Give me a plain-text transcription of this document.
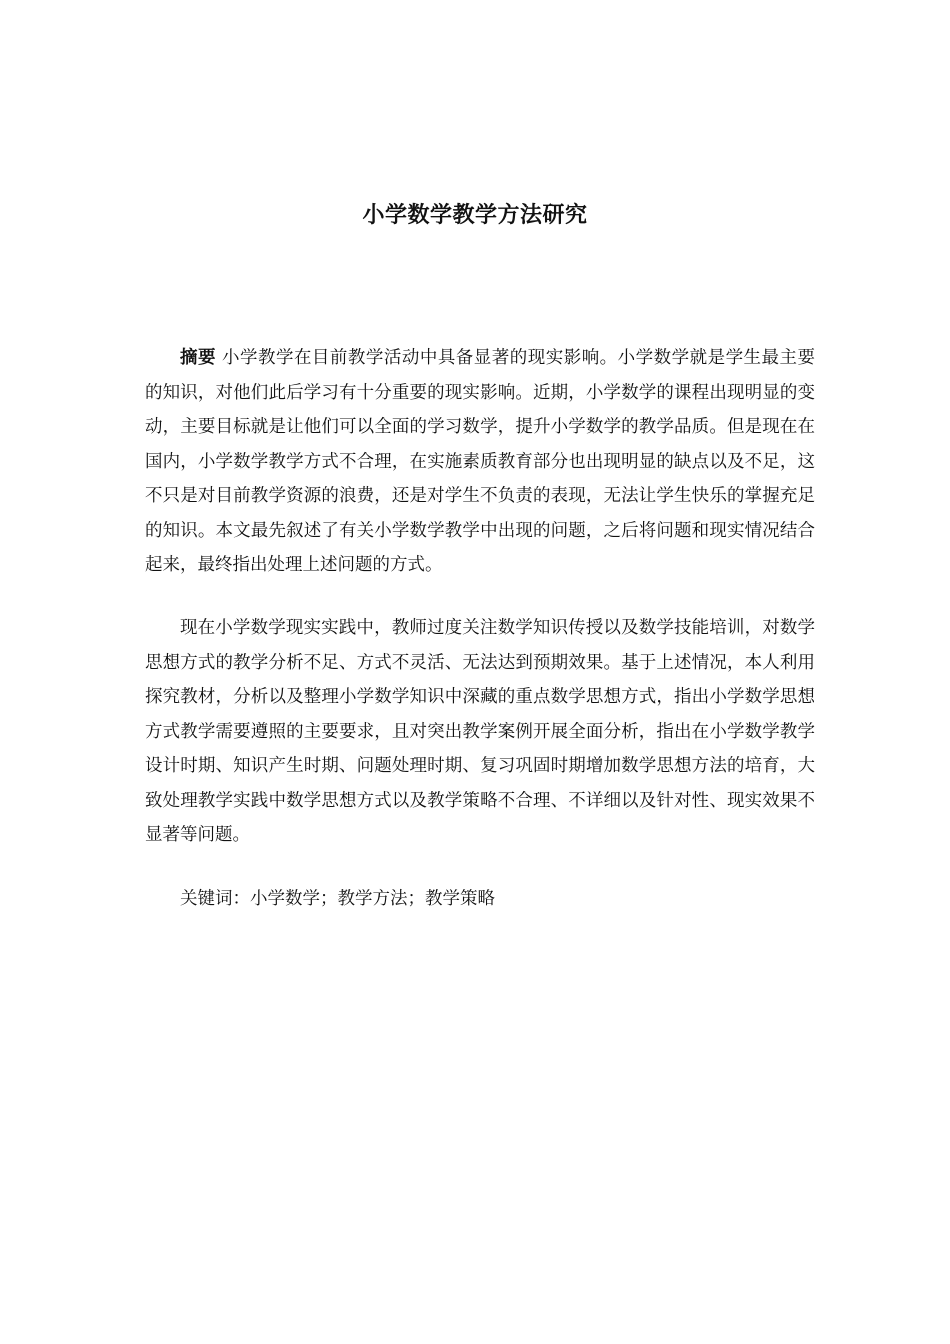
小学数学教学方法研究

摘要 小学教学在目前教学活动中具备显著的现实影响。小学数学就是学生最主要的知识，对他们此后学习有十分重要的现实影响。近期，小学数学的课程出现明显的变动，主要目标就是让他们可以全面的学习数学，提升小学数学的教学品质。但是现在在国内，小学数学教学方式不合理，在实施素质教育部分也出现明显的缺点以及不足，这不只是对目前教学资源的浪费，还是对学生不负责的表现，无法让学生快乐的掌握充足的知识。本文最先叙述了有关小学数学教学中出现的问题，之后将问题和现实情况结合起来，最终指出处理上述问题的方式。

现在小学数学现实实践中，教师过度关注数学知识传授以及数学技能培训，对数学思想方式的教学分析不足、方式不灵活、无法达到预期效果。基于上述情况，本人利用探究教材，分析以及整理小学数学知识中深藏的重点数学思想方式，指出小学数学思想方式教学需要遵照的主要要求，且对突出教学案例开展全面分析，指出在小学数学教学设计时期、知识产生时期、问题处理时期、复习巩固时期增加数学思想方法的培育，大致处理教学实践中数学思想方式以及教学策略不合理、不详细以及针对性、现实效果不显著等问题。

关键词：小学数学；教学方法；教学策略
